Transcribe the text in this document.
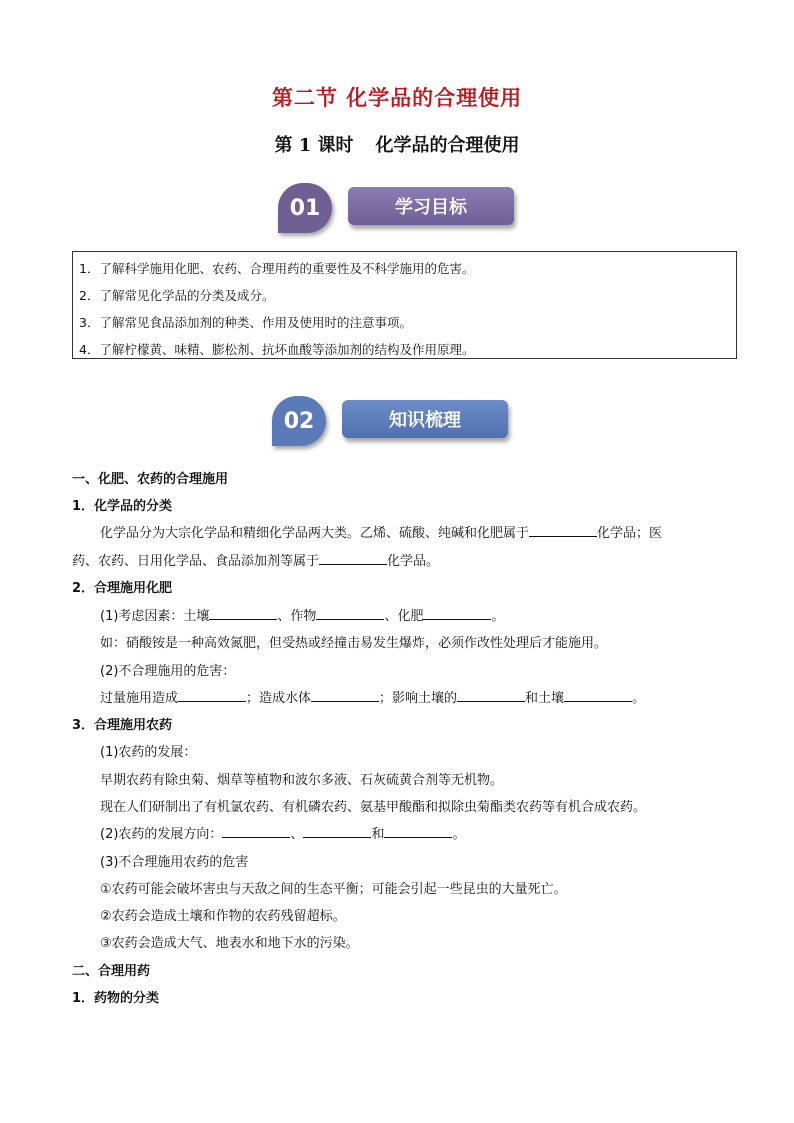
第二节 化学品的合理使用
第 1 课时 化学品的合理使用
01	学习目标
1．了解科学施用化肥、农药、合理用药的重要性及不科学施用的危害。
2．了解常见化学品的分类及成分。
3．了解常见食品添加剂的种类、作用及使用时的注意事项。
4．了解柠檬黄、味精、膨松剂、抗坏血酸等添加剂的结构及作用原理。
02	知识梳理
一、化肥、农药的合理施用
1．化学品的分类
化学品分为大宗化学品和精细化学品两大类。乙烯、硫酸、纯碱和化肥属于	化学品；医
药、农药、日用化学品、食品添加剂等属于	化学品。
2．合理施用化肥
(1)考虑因素：土壤	、作物	、化肥	。
如：硝酸铵是一种高效氮肥，但受热或经撞击易发生爆炸，必须作改性处理后才能施用。
(2)不合理施用的危害：
过量施用造成	；造成水体	；影响土壤的	和土壤	。
3．合理施用农药
(1)农药的发展：
早期农药有除虫菊、烟草等植物和波尔多液、石灰硫黄合剂等无机物。
现在人们研制出了有机氯农药、有机磷农药、氨基甲酸酯和拟除虫菊酯类农药等有机合成农药。
(2)农药的发展方向：	、	和	。
(3)不合理施用农药的危害
①农药可能会破坏害虫与天敌之间的生态平衡；可能会引起一些昆虫的大量死亡。
②农药会造成土壤和作物的农药残留超标。
③农药会造成大气、地表水和地下水的污染。
二、合理用药
1．药物的分类
